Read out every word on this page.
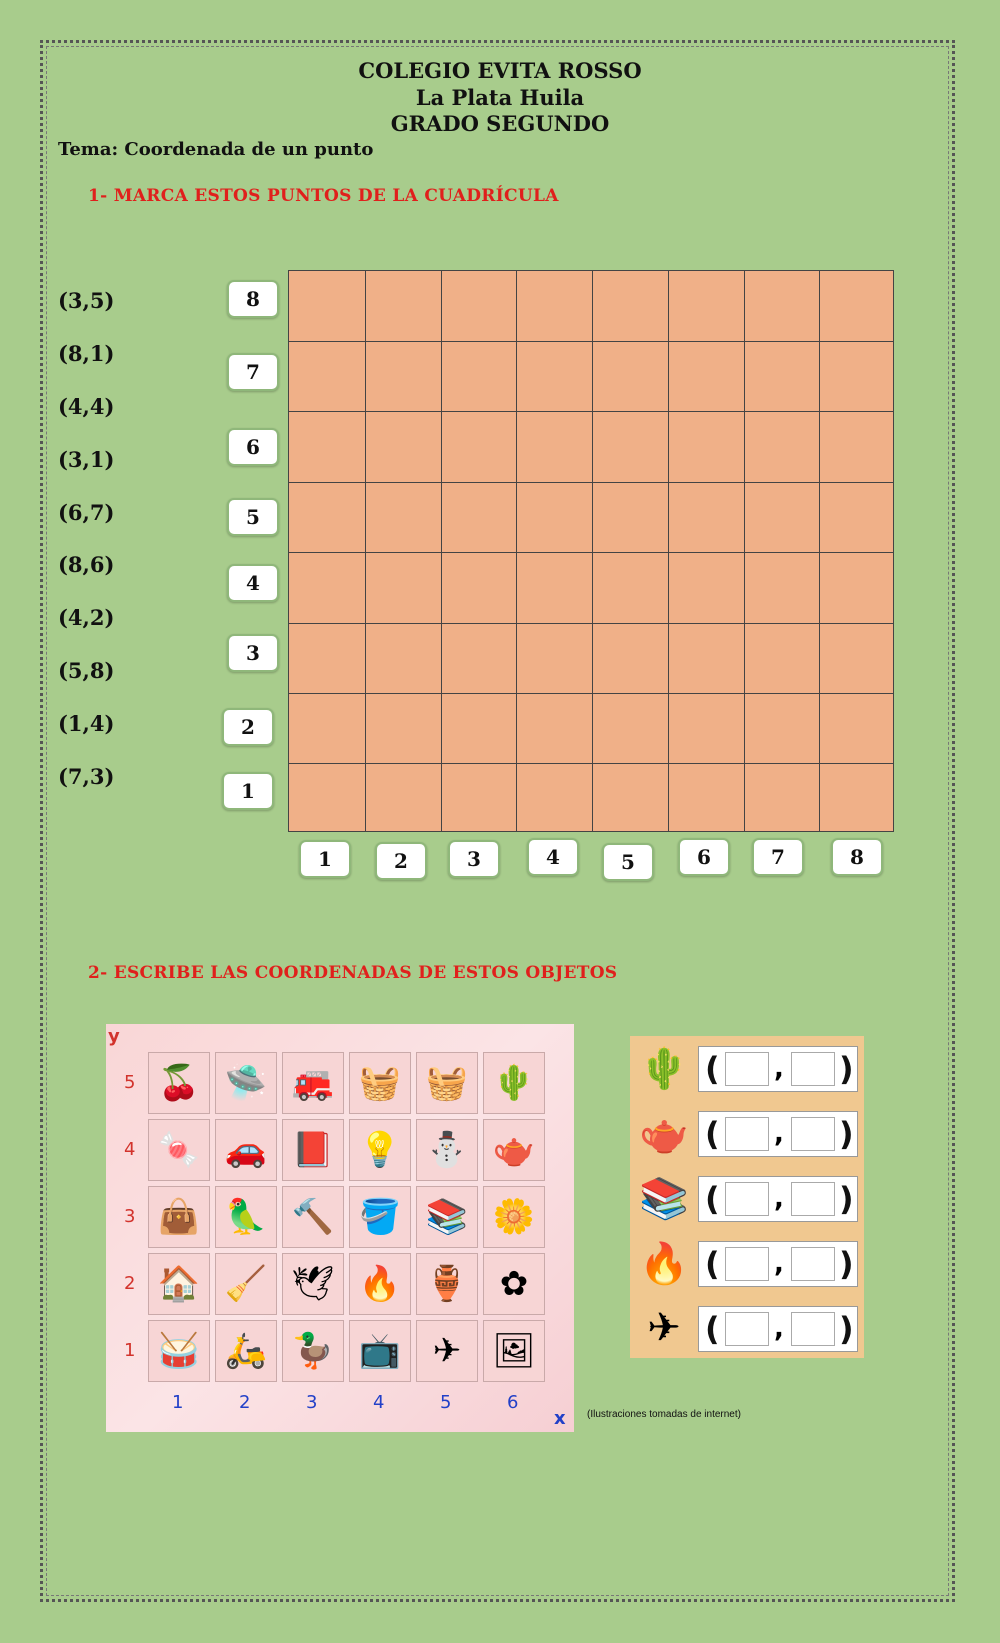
COLEGIO EVITA ROSSO
La Plata Huila
GRADO SEGUNDO
Tema: Coordenada de un punto
1- MARCA ESTOS PUNTOS DE LA CUADRÍCULA
(3,5)
(8,1)
(4,4)
(3,1)
(6,7)
(8,6)
(4,2)
(5,8)
(1,4)
(7,3)
8
7
6
5
4
3
2
1
1	2	3	4	5	6	7	8
2- ESCRIBE LAS COORDENADAS DE ESTOS OBJETOS
y
x
🍒 🛸 🚒 🧺 🧺 🌵
🍬 🚗 📕 💡 ⛄ 🫖
👜 🦜 🔨 🪣 📚 🌼
🏠 🧹 🕊 🔥 🏺 ✿
🥁 🛵 🦆 📺 ✈ 🖼
5
4
3
2
1
1	2	3	4	5	6
🌵 ( , )
🫖 ( , )
📚 ( , )
🔥 ( , )
✈ ( , )
(Ilustraciones tomadas de internet)
